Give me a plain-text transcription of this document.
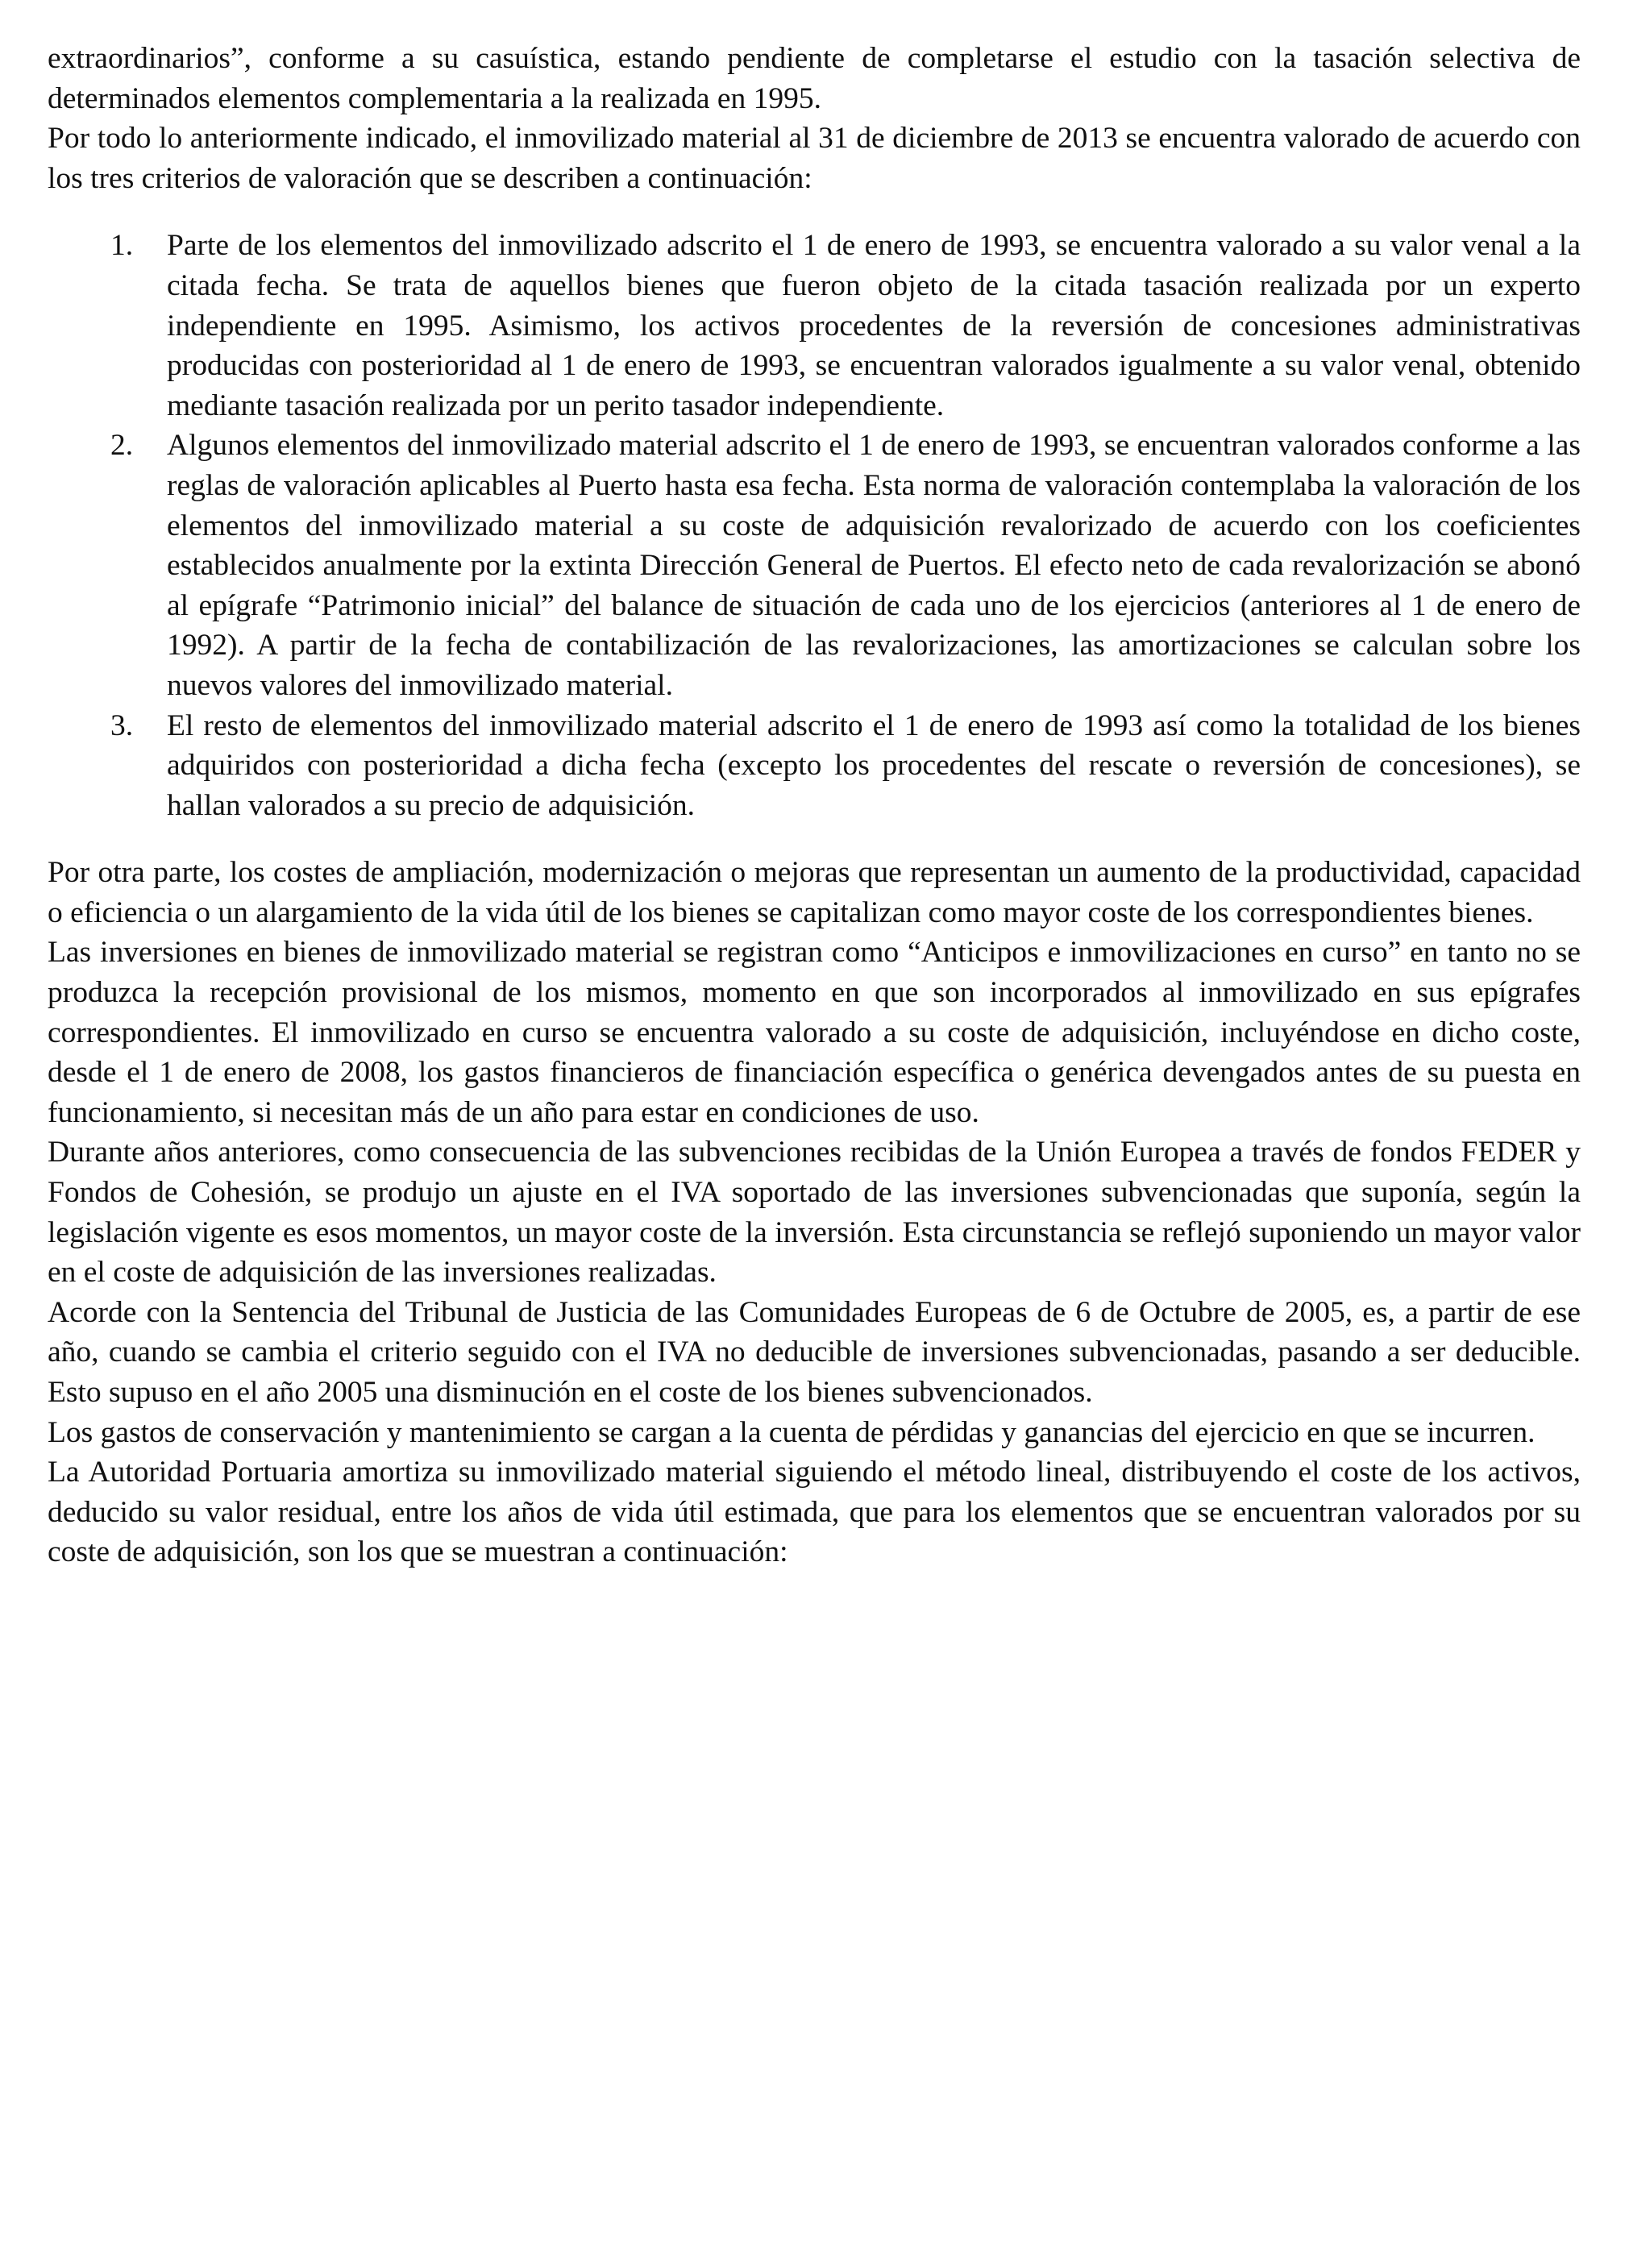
extraordinarios”, conforme a su casuística, estando pendiente de completarse el estudio con la tasación selectiva de determinados elementos complementaria a la realizada en 1995.

Por todo lo anteriormente indicado, el inmovilizado material al 31 de diciembre de 2013 se encuentra valorado de acuerdo con los tres criterios de valoración que se describen a continuación:

1. Parte de los elementos del inmovilizado adscrito el 1 de enero de 1993, se encuentra valorado a su valor venal a la citada fecha. Se trata de aquellos bienes que fueron objeto de la citada tasación realizada por un experto independiente en 1995. Asimismo, los activos procedentes de la reversión de concesiones administrativas producidas con posterioridad al 1 de enero de 1993, se encuentran valorados igualmente a su valor venal, obtenido mediante tasación realizada por un perito tasador independiente.
2. Algunos elementos del inmovilizado material adscrito el 1 de enero de 1993, se encuentran valorados conforme a las reglas de valoración aplicables al Puerto hasta esa fecha. Esta norma de valoración contemplaba la valoración de los elementos del inmovilizado material a su coste de adquisición revalorizado de acuerdo con los coeficientes establecidos anualmente por la extinta Dirección General de Puertos. El efecto neto de cada revalorización se abonó al epígrafe “Patrimonio inicial” del balance de situación de cada uno de los ejercicios (anteriores al 1 de enero de 1992). A partir de la fecha de contabilización de las revalorizaciones, las amortizaciones se calculan sobre los nuevos valores del inmovilizado material.
3. El resto de elementos del inmovilizado material adscrito el 1 de enero de 1993 así como la totalidad de los bienes adquiridos con posterioridad a dicha fecha (excepto los procedentes del rescate o reversión de concesiones), se hallan valorados a su precio de adquisición.

Por otra parte, los costes de ampliación, modernización o mejoras que representan un aumento de la productividad, capacidad o eficiencia o un alargamiento de la vida útil de los bienes se capitalizan como mayor coste de los correspondientes bienes.

Las inversiones en bienes de inmovilizado material se registran como “Anticipos e inmovilizaciones en curso” en tanto no se produzca la recepción provisional de los mismos, momento en que son incorporados al inmovilizado en sus epígrafes correspondientes. El inmovilizado en curso se encuentra valorado a su coste de adquisición, incluyéndose en dicho coste, desde el 1 de enero de 2008, los gastos financieros de financiación específica o genérica devengados antes de su puesta en funcionamiento, si necesitan más de un año para estar en condiciones de uso.

Durante años anteriores, como consecuencia de las subvenciones recibidas de la Unión Europea a través de fondos FEDER y Fondos de Cohesión, se produjo un ajuste en el IVA soportado de las inversiones subvencionadas que suponía, según la legislación vigente es esos momentos, un mayor coste de la inversión. Esta circunstancia se reflejó suponiendo un mayor valor en el coste de adquisición de las inversiones realizadas.

Acorde con la Sentencia del Tribunal de Justicia de las Comunidades Europeas de 6 de Octubre de 2005, es, a partir de ese año, cuando se cambia el criterio seguido con el IVA no deducible de inversiones subvencionadas, pasando a ser deducible. Esto supuso en el año 2005 una disminución en el coste de los bienes subvencionados.

Los gastos de conservación y mantenimiento se cargan a la cuenta de pérdidas y ganancias del ejercicio en que se incurren.

La Autoridad Portuaria amortiza su inmovilizado material siguiendo el método lineal, distribuyendo el coste de los activos, deducido su valor residual, entre los años de vida útil estimada, que para los elementos que se encuentran valorados por su coste de adquisición, son los que se muestran a continuación:
